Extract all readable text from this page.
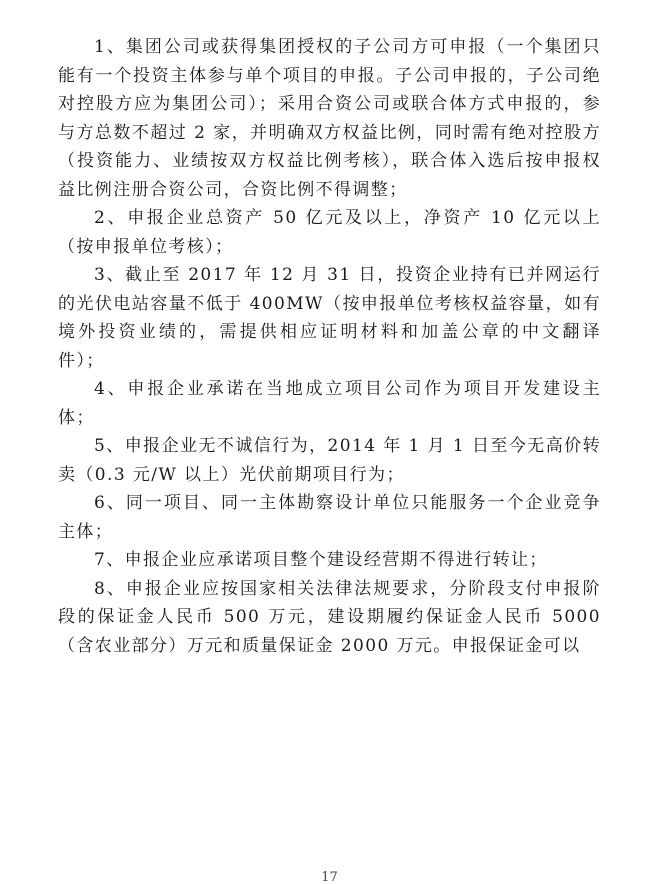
1、集团公司或获得集团授权的子公司方可申报（一个集团只能有一个投资主体参与单个项目的申报。子公司申报的，子公司绝对控股方应为集团公司）；采用合资公司或联合体方式申报的，参与方总数不超过 2 家，并明确双方权益比例，同时需有绝对控股方（投资能力、业绩按双方权益比例考核），联合体入选后按申报权益比例注册合资公司，合资比例不得调整；

2、申报企业总资产 50 亿元及以上，净资产 10 亿元以上（按申报单位考核）；

3、截止至 2017 年 12 月 31 日，投资企业持有已并网运行的光伏电站容量不低于 400MW（按申报单位考核权益容量，如有境外投资业绩的，需提供相应证明材料和加盖公章的中文翻译件）；

4、申报企业承诺在当地成立项目公司作为项目开发建设主体；

5、申报企业无不诚信行为，2014 年 1 月 1 日至今无高价转卖（0.3 元/W 以上）光伏前期项目行为；

6、同一项目、同一主体勘察设计单位只能服务一个企业竞争主体；

7、申报企业应承诺项目整个建设经营期不得进行转让；

8、申报企业应按国家相关法律法规要求，分阶段支付申报阶段的保证金人民币 500 万元，建设期履约保证金人民币 5000（含农业部分）万元和质量保证金 2000 万元。申报保证金可以

17
